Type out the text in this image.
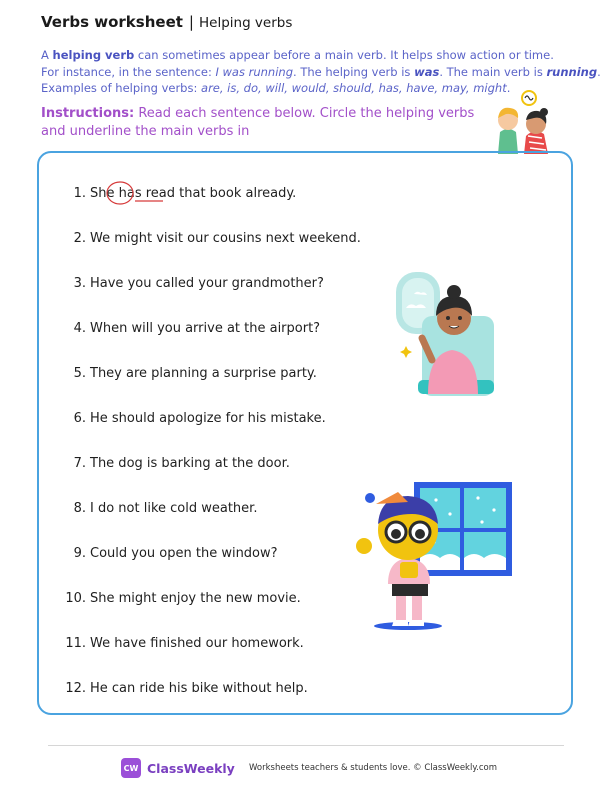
Verbs worksheet | Helping verbs
A helping verb can sometimes appear before a main verb. It helps show action or time.
For instance, in the sentence: I was running. The helping verb is was. The main verb is running.
Examples of helping verbs: are, is, do, will, would, should, has, have, may, might.
Instructions: Read each sentence below. Circle the helping verbs and underline the main verbs in
1. She has read that book already.
2. We might visit our cousins next weekend.
3. Have you called your grandmother?
4. When will you arrive at the airport?
5. They are planning a surprise party.
6. He should apologize for his mistake.
7. The dog is barking at the door.
8. I do not like cold weather.
9. Could you open the window?
10. She might enjoy the new movie.
11. We have finished our homework.
12. He can ride his bike without help.
CW ClassWeekly Worksheets teachers & students love. © ClassWeekly.com
